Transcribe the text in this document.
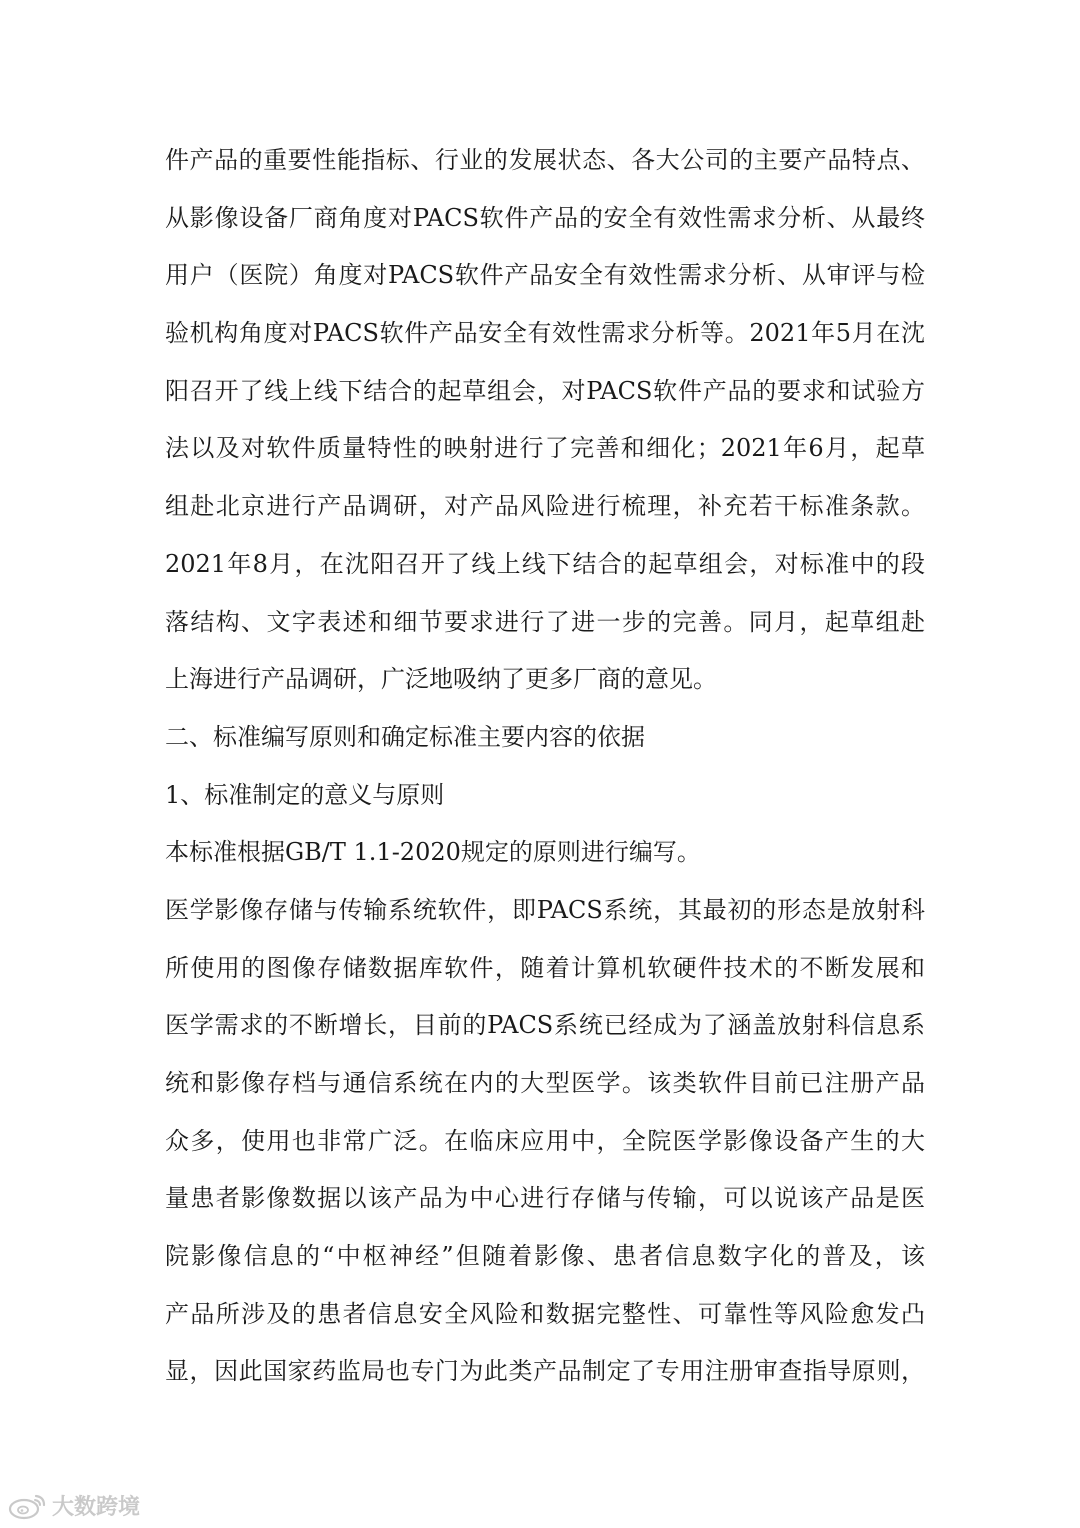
件产品的重要性能指标、行业的发展状态、各大公司的主要产品特点、
从影像设备厂商角度对PACS软件产品的安全有效性需求分析、从最终
用户（医院）角度对PACS软件产品安全有效性需求分析、从审评与检
验机构角度对PACS软件产品安全有效性需求分析等。2021年5月在沈
阳召开了线上线下结合的起草组会，对PACS软件产品的要求和试验方
法以及对软件质量特性的映射进行了完善和细化；2021年6月，起草
组赴北京进行产品调研，对产品风险进行梳理，补充若干标准条款。
2021年8月，在沈阳召开了线上线下结合的起草组会，对标准中的段
落结构、文字表述和细节要求进行了进一步的完善。同月，起草组赴
上海进行产品调研，广泛地吸纳了更多厂商的意见。
二、标准编写原则和确定标准主要内容的依据
1、标准制定的意义与原则
本标准根据GB/T 1.1-2020规定的原则进行编写。
医学影像存储与传输系统软件，即PACS系统，其最初的形态是放射科
所使用的图像存储数据库软件，随着计算机软硬件技术的不断发展和
医学需求的不断增长，目前的PACS系统已经成为了涵盖放射科信息系
统和影像存档与通信系统在内的大型医学。该类软件目前已注册产品
众多，使用也非常广泛。在临床应用中，全院医学影像设备产生的大
量患者影像数据以该产品为中心进行存储与传输，可以说该产品是医
院影像信息的“中枢神经”但随着影像、患者信息数字化的普及，该
产品所涉及的患者信息安全风险和数据完整性、可靠性等风险愈发凸
显，因此国家药监局也专门为此类产品制定了专用注册审查指导原则，
大数跨境
